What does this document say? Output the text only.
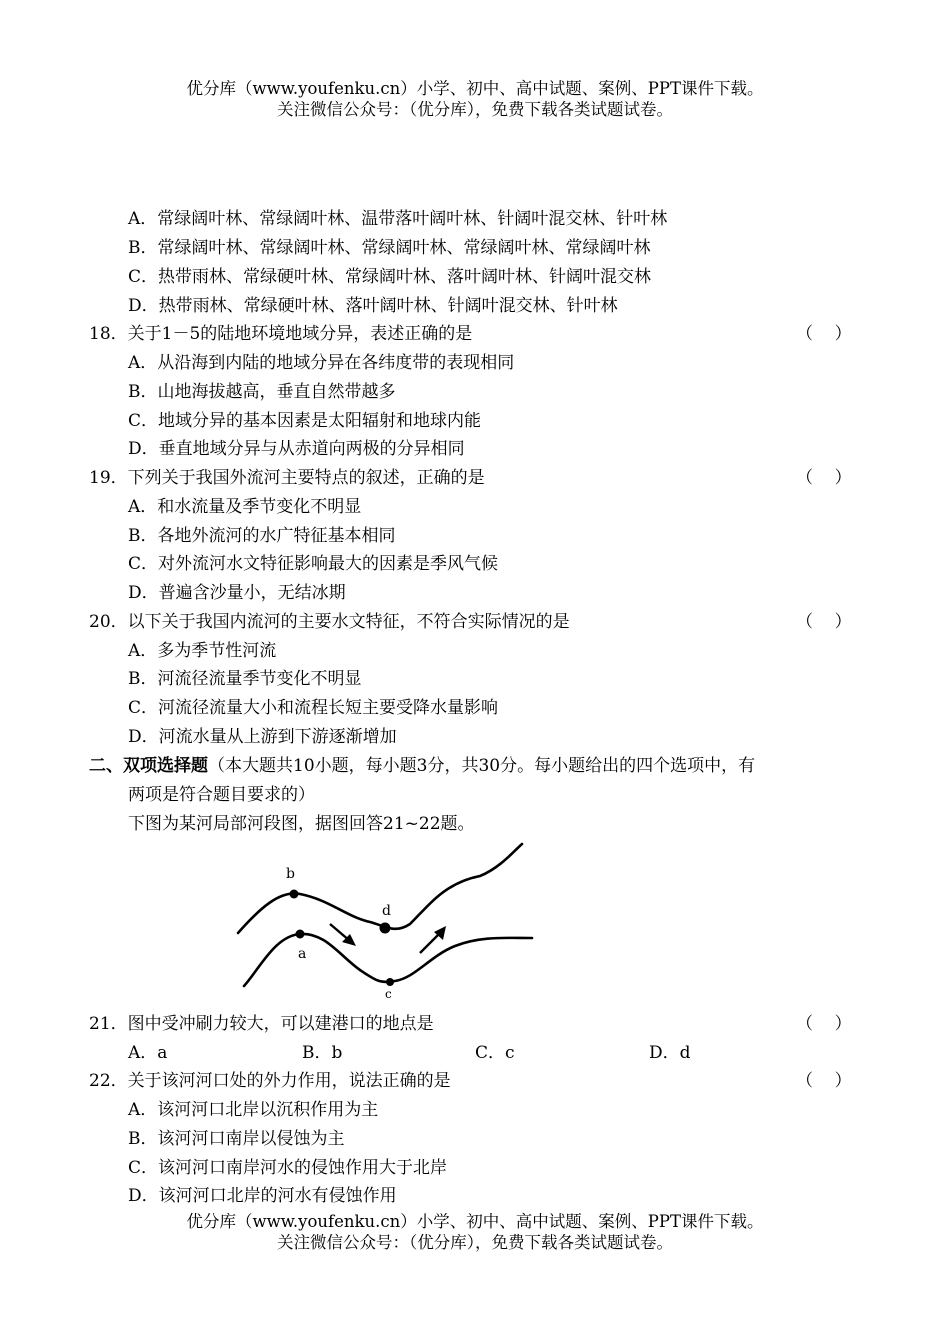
优分库（www.youfenku.cn）小学、初中、高中试题、案例、PPT课件下载。
关注微信公众号：（优分库），免费下载各类试题试卷。
A．常绿阔叶林、常绿阔叶林、温带落叶阔叶林、针阔叶混交林、针叶林
B．常绿阔叶林、常绿阔叶林、常绿阔叶林、常绿阔叶林、常绿阔叶林
C．热带雨林、常绿硬叶林、常绿阔叶林、落叶阔叶林、针阔叶混交林
D．热带雨林、常绿硬叶林、落叶阔叶林、针阔叶混交林、针叶林
18．关于1－5的陆地环境地域分异，表述正确的是	（    ）
A．从沿海到内陆的地域分异在各纬度带的表现相同
B．山地海拔越高，垂直自然带越多
C．地域分异的基本因素是太阳辐射和地球内能
D．垂直地域分异与从赤道向两极的分异相同
19．下列关于我国外流河主要特点的叙述，正确的是	（    ）
A．和水流量及季节变化不明显
B．各地外流河的水广特征基本相同
C．对外流河水文特征影响最大的因素是季风气候
D．普遍含沙量小，无结冰期
20．以下关于我国内流河的主要水文特征，不符合实际情况的是	（    ）
A．多为季节性河流
B．河流径流量季节变化不明显
C．河流径流量大小和流程长短主要受降水量影响
D．河流水量从上游到下游逐渐增加
二、双项选择题（本大题共10小题，每小题3分，共30分。每小题给出的四个选项中，有
两项是符合题目要求的）
下图为某河局部河段图，据图回答21~22题。
b
a
d
c
21．图中受冲刷力较大，可以建港口的地点是	（    ）
A．a	B．b	C．c	D．d
22．关于该河河口处的外力作用，说法正确的是	（    ）
A．该河河口北岸以沉积作用为主
B．该河河口南岸以侵蚀为主
C．该河河口南岸河水的侵蚀作用大于北岸
D．该河河口北岸的河水有侵蚀作用
优分库（www.youfenku.cn）小学、初中、高中试题、案例、PPT课件下载。
关注微信公众号：（优分库），免费下载各类试题试卷。
